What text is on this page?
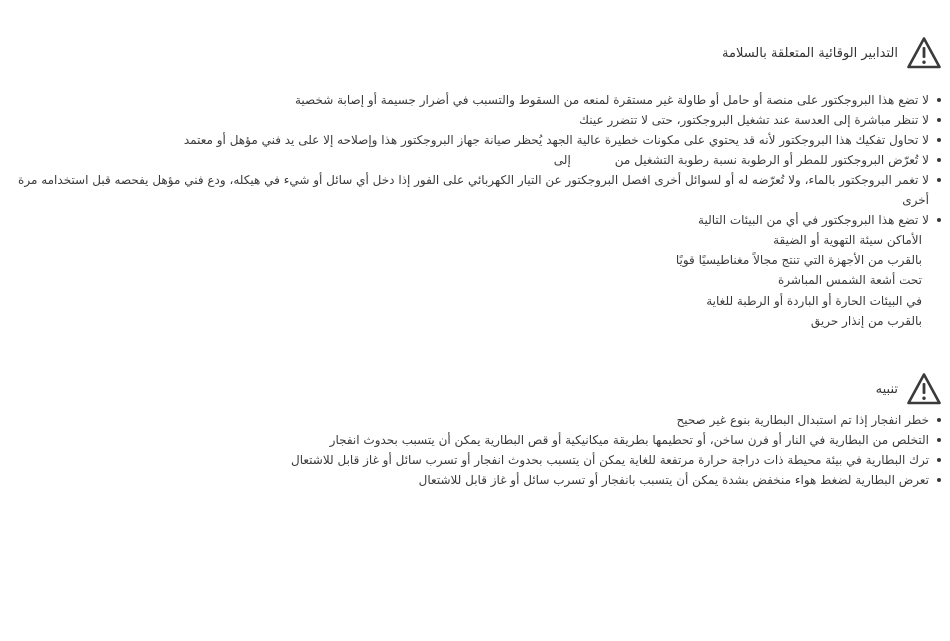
التدابير الوقائية المتعلقة بالسلامة
لا تضع هذا البروجكتور على منصة أو حامل أو طاولة غير مستقرة لمنعه من السقوط والتسبب في أضرار جسيمة أو إصابة شخصية
لا تنظر مباشرة إلى العدسة عند تشغيل البروجكتور، حتى لا تتضرر عينك
لا تحاول تفكيك هذا البروجكتور لأنه قد يحتوي على مكونات خطيرة عالية الجهد يُحظر صيانة جهاز البروجكتور هذا وإصلاحه إلا على يد فني مؤهل أو معتمد
لا تُعرّض البروجكتور للمطر أو الرطوبة نسبة رطوبة التشغيل منإلى
لا تغمر البروجكتور بالماء، ولا تُعرّضه له أو لسوائل أخرى افصل البروجكتور عن التيار الكهربائي على الفور إذا دخل أي سائل أو شيء في هيكله، ودع فني مؤهل يفحصه قبل استخدامه مرة أخرى
لا تضع هذا البروجكتور في أي من البيئات التالية
الأماكن سيئة التهوية أو الضيقة
بالقرب من الأجهزة التي تنتج مجالاً مغناطيسيًا قويًا
تحت أشعة الشمس المباشرة
في البيئات الحارة أو الباردة أو الرطبة للغاية
بالقرب من إنذار حريق
تنبيه
خطر انفجار إذا تم استبدال البطارية بنوع غير صحيح
التخلص من البطارية في النار أو فرن ساخن، أو تحطيمها بطريقة ميكانيكية أو قص البطارية يمكن أن يتسبب بحدوث انفجار
ترك البطارية في بيئة محيطة ذات دراجة حرارة مرتفعة للغاية يمكن أن يتسبب بحدوث انفجار أو تسرب سائل أو غاز قابل للاشتعال
تعرض البطارية لضغط هواء منخفض بشدة يمكن أن يتسبب بانفجار أو تسرب سائل أو غاز قابل للاشتعال
